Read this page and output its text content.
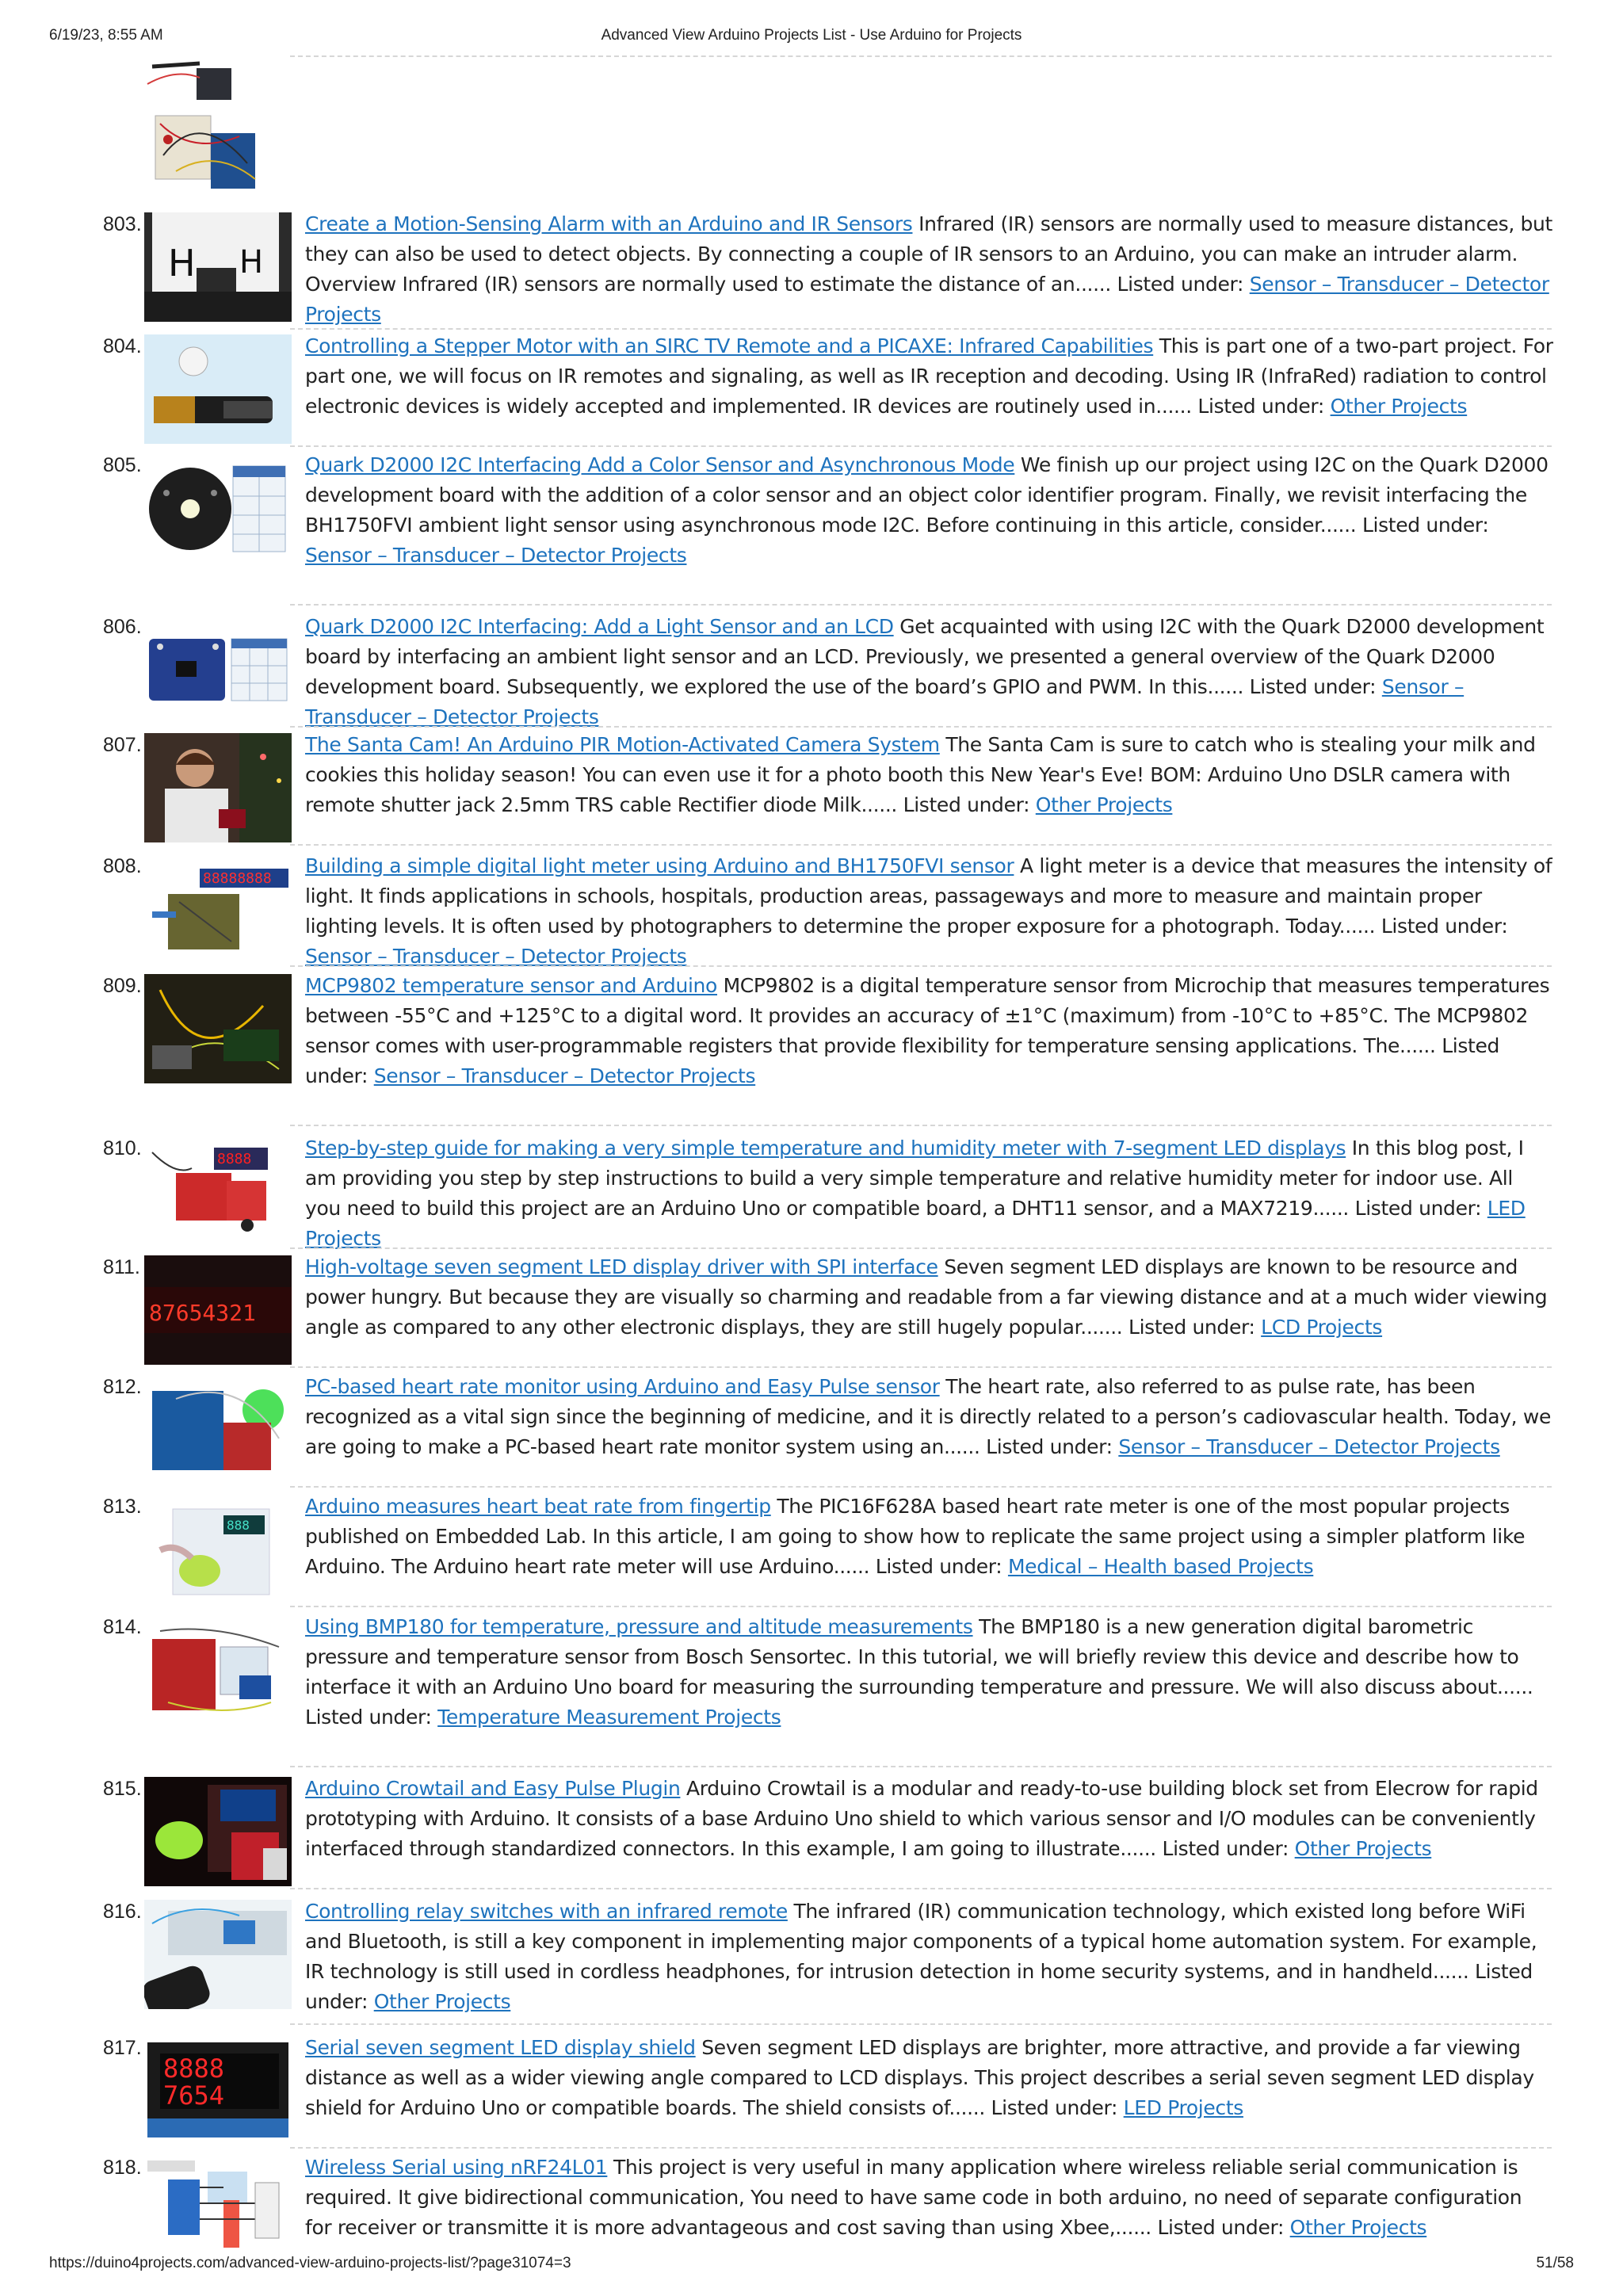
6/19/23, 8:55 AM	Advanced View Arduino Projects List - Use Arduino for Projects
803.
H H
Create a Motion-Sensing Alarm with an Arduino and IR Sensors Infrared (IR) sensors are normally used to measure distances, but they can also be used to detect objects. By connecting a couple of IR sensors to an Arduino, you can make an intruder alarm. Overview Infrared (IR) sensors are normally used to estimate the distance of an...... Listed under: Sensor – Transducer – Detector Projects
804.	Controlling a Stepper Motor with an SIRC TV Remote and a PICAXE: Infrared Capabilities This is part one of a two-part project. For part one, we will focus on IR remotes and signaling, as well as IR reception and decoding. Using IR (InfraRed) radiation to control electronic devices is widely accepted and implemented. IR devices are routinely used in...... Listed under: Other Projects
805.	Quark D2000 I2C Interfacing Add a Color Sensor and Asynchronous Mode We finish up our project using I2C on the Quark D2000 development board with the addition of a color sensor and an object color identifier program. Finally, we revisit interfacing the BH1750FVI ambient light sensor using asynchronous mode I2C. Before continuing in this article, consider...... Listed under: Sensor – Transducer – Detector Projects
806.	Quark D2000 I2C Interfacing: Add a Light Sensor and an LCD Get acquainted with using I2C with the Quark D2000 development board by interfacing an ambient light sensor and an LCD. Previously, we presented a general overview of the Quark D2000 development board. Subsequently, we explored the use of the board’s GPIO and PWM. In this...... Listed under: Sensor – Transducer – Detector Projects
807.	The Santa Cam! An Arduino PIR Motion-Activated Camera System The Santa Cam is sure to catch who is stealing your milk and cookies this holiday season! You can even use it for a photo booth this New Year's Eve! BOM: Arduino Uno DSLR camera with remote shutter jack 2.5mm TRS cable Rectifier diode Milk...... Listed under: Other Projects
808.
88888888
Building a simple digital light meter using Arduino and BH1750FVI sensor A light meter is a device that measures the intensity of light. It finds applications in schools, hospitals, production areas, passageways and more to measure and maintain proper lighting levels. It is often used by photographers to determine the proper exposure for a photograph. Today...... Listed under: Sensor – Transducer – Detector Projects
809.	MCP9802 temperature sensor and Arduino MCP9802 is a digital temperature sensor from Microchip that measures temperatures between -55°C and +125°C to a digital word. It provides an accuracy of ±1°C (maximum) from -10°C to +85°C. The MCP9802 sensor comes with user-programmable registers that provide flexibility for temperature sensing applications. The...... Listed under: Sensor – Transducer – Detector Projects
810.	8888	Step-by-step guide for making a very simple temperature and humidity meter with 7-segment LED displays In this blog post, I am providing you step by step instructions to build a very simple temperature and relative humidity meter for indoor use. All you need to build this project are an Arduino Uno or compatible board, a DHT11 sensor, and a MAX7219...... Listed under: LED Projects
811.
87654321
High-voltage seven segment LED display driver with SPI interface Seven segment LED displays are known to be resource and power hungry. But because they are visually so charming and readable from a far viewing distance and at a much wider viewing angle as compared to any other electronic displays, they are still hugely popular....... Listed under: LCD Projects
812.	PC-based heart rate monitor using Arduino and Easy Pulse sensor The heart rate, also referred to as pulse rate, has been recognized as a vital sign since the beginning of medicine, and it is directly related to a person’s cadiovascular health. Today, we are going to make a PC-based heart rate monitor system using an...... Listed under: Sensor – Transducer – Detector Projects
813.
888
Arduino measures heart beat rate from fingertip The PIC16F628A based heart rate meter is one of the most popular projects published on Embedded Lab. In this article, I am going to show how to replicate the same project using a simpler platform like Arduino. The Arduino heart rate meter will use Arduino...... Listed under: Medical – Health based Projects
814.	Using BMP180 for temperature, pressure and altitude measurements The BMP180 is a new generation digital barometric pressure and temperature sensor from Bosch Sensortec. In this tutorial, we will briefly review this device and describe how to interface it with an Arduino Uno board for measuring the surrounding temperature and pressure. We will also discuss about...... Listed under: Temperature Measurement Projects
815.	Arduino Crowtail and Easy Pulse Plugin Arduino Crowtail is a modular and ready-to-use building block set from Elecrow for rapid prototyping with Arduino. It consists of a base Arduino Uno shield to which various sensor and I/O modules can be conveniently interfaced through standardized connectors. In this example, I am going to illustrate...... Listed under: Other Projects
816.	Controlling relay switches with an infrared remote The infrared (IR) communication technology, which existed long before WiFi and Bluetooth, is still a key component in implementing major components of a typical home automation system. For example, IR technology is still used in cordless headphones, for intrusion detection in home security systems, and in handheld...... Listed under: Other Projects
817.
8888
7654
Serial seven segment LED display shield Seven segment LED displays are brighter, more attractive, and provide a far viewing distance as well as a wider viewing angle compared to LCD displays. This project describes a serial seven segment LED display shield for Arduino Uno or compatible boards. The shield consists of...... Listed under: LED Projects
818.	Wireless Serial using nRF24L01 This project is very useful in many application where wireless reliable serial communication is required. It give bidirectional communication, You need to have same code in both arduino, no need of separate configuration for receiver or transmitte it is more advantageous and cost saving than using Xbee,...... Listed under: Other Projects
https://duino4projects.com/advanced-view-arduino-projects-list/?page31074=3	51/58
